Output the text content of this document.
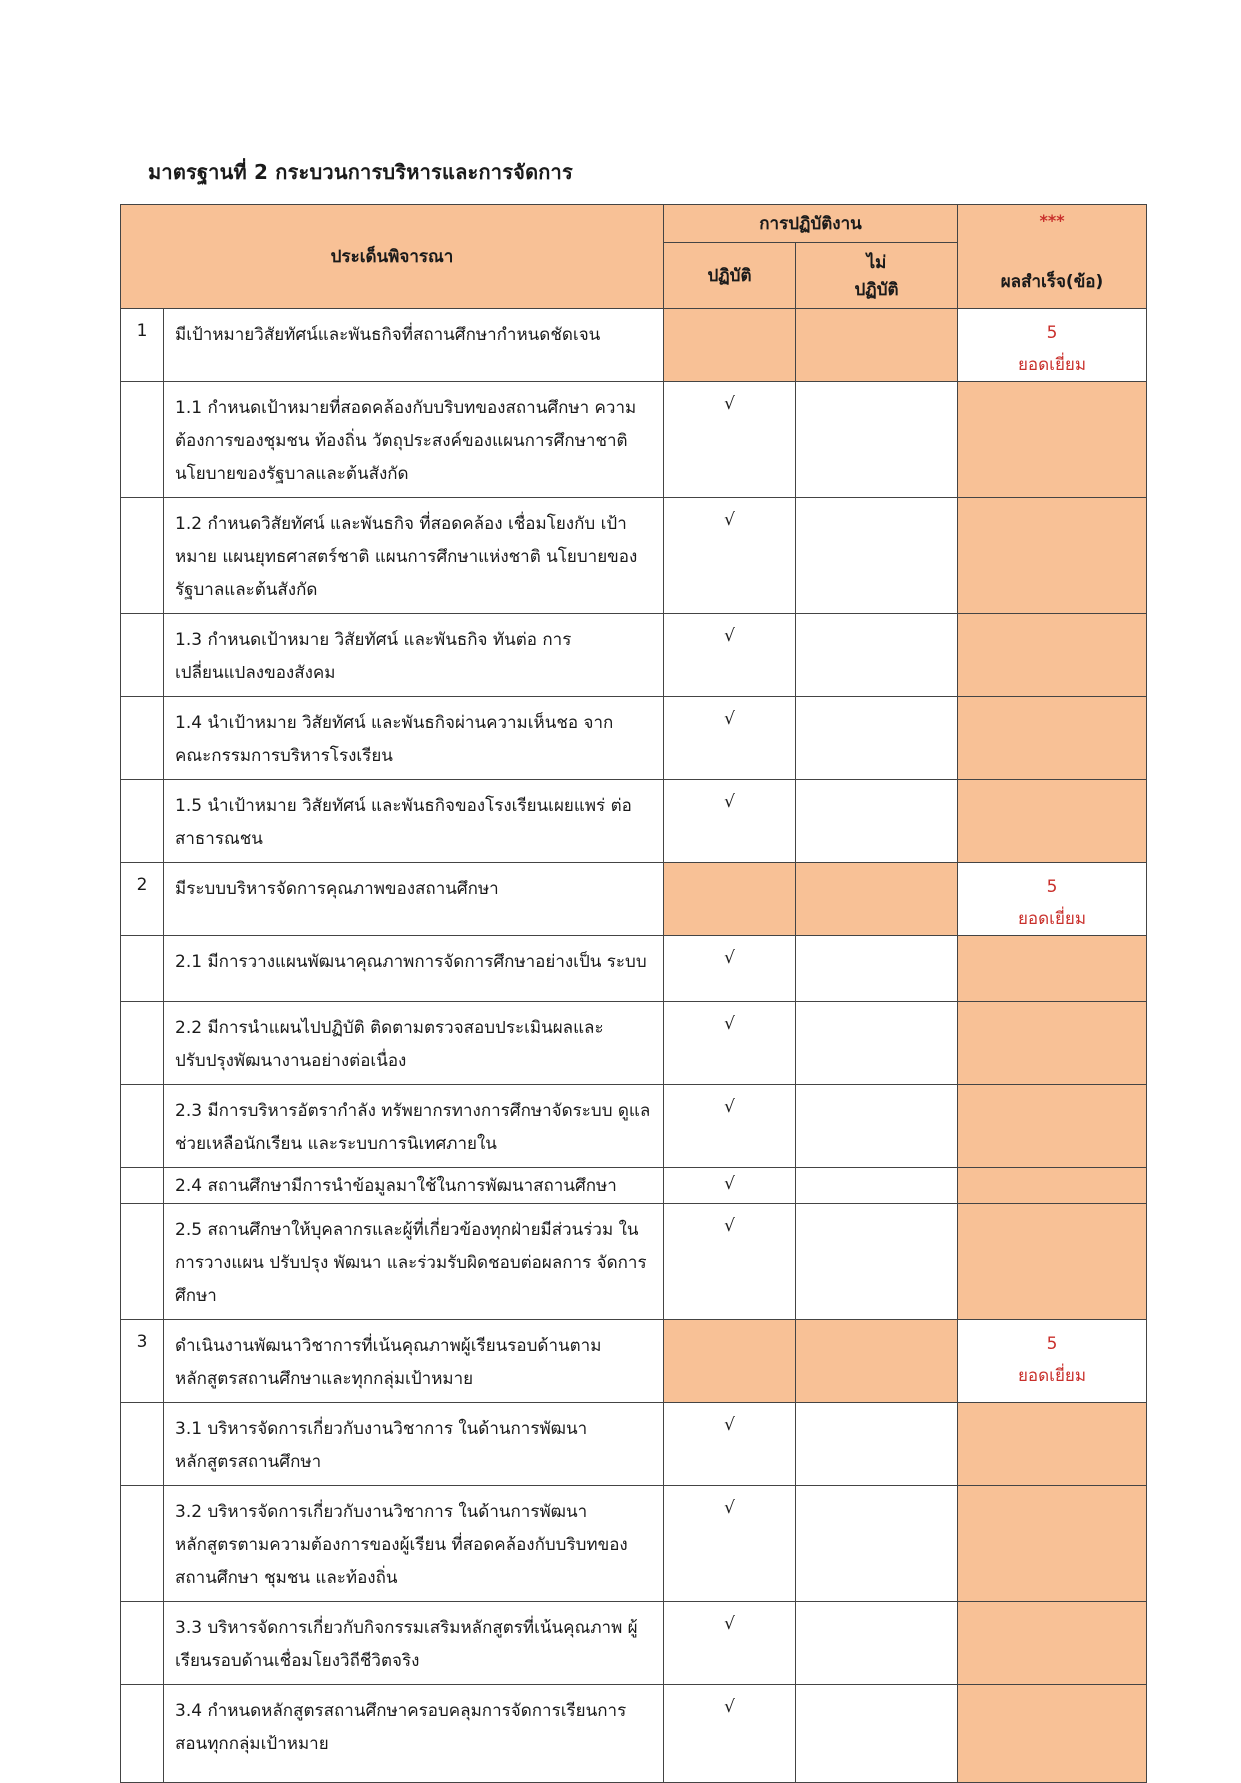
มาตรฐานที่ 2 กระบวนการบริหารและการจัดการ
ประเด็นพิจารณา		การปฏิบัติงาน		***
ผลสำเร็จ(ข้อ)

		ปฏิบัติ	ไม่
ปฏิบัติ	

1	มีเป้าหมายวิสัยทัศน์และพันธกิจที่สถานศึกษากำหนดชัดเจน			5
ยอดเยี่ยม

	1.1 กำหนดเป้าหมายที่สอดคล้องกับบริบทของสถานศึกษา ความต้องการของชุมชน ท้องถิ่น วัตถุประสงค์ของแผนการศึกษาชาติ นโยบายของรัฐบาลและต้นสังกัด	√		
	1.2 กำหนดวิสัยทัศน์ และพันธกิจ ที่สอดคล้อง เชื่อมโยงกับ เป้าหมาย แผนยุทธศาสตร์ชาติ แผนการศึกษาแห่งชาติ นโยบายของรัฐบาลและต้นสังกัด	√		
	1.3 กำหนดเป้าหมาย วิสัยทัศน์ และพันธกิจ ทันต่อ การเปลี่ยนแปลงของสังคม	√		
	1.4 นำเป้าหมาย วิสัยทัศน์ และพันธกิจผ่านความเห็นชอ จาก คณะกรรมการบริหารโรงเรียน	√		
	1.5 นำเป้าหมาย วิสัยทัศน์ และพันธกิจของโรงเรียนเผยแพร่ ต่อสาธารณชน	√		
2	มีระบบบริหารจัดการคุณภาพของสถานศึกษา			5
ยอดเยี่ยม

	2.1 มีการวางแผนพัฒนาคุณภาพการจัดการศึกษาอย่างเป็น ระบบ	√		
	2.2 มีการนำแผนไปปฏิบัติ ติดตามตรวจสอบประเมินผลและ ปรับปรุงพัฒนางานอย่างต่อเนื่อง	√		
	2.3 มีการบริหารอัตรากำลัง ทรัพยากรทางการศึกษาจัดระบบ ดูแลช่วยเหลือนักเรียน และระบบการนิเทศภายใน	√		
	2.4 สถานศึกษามีการนำข้อมูลมาใช้ในการพัฒนาสถานศึกษา	√		
	2.5 สถานศึกษาให้บุคลากรและผู้ที่เกี่ยวข้องทุกฝ่ายมีส่วนร่วม ในการวางแผน ปรับปรุง พัฒนา และร่วมรับผิดชอบต่อผลการ จัดการศึกษา	√		
3	ดำเนินงานพัฒนาวิชาการที่เน้นคุณภาพผู้เรียนรอบด้านตาม หลักสูตรสถานศึกษาและทุกกลุ่มเป้าหมาย			5
ยอดเยี่ยม

	3.1 บริหารจัดการเกี่ยวกับงานวิชาการ ในด้านการพัฒนา หลักสูตรสถานศึกษา	√		
	3.2 บริหารจัดการเกี่ยวกับงานวิชาการ ในด้านการพัฒนา หลักสูตรตามความต้องการของผู้เรียน ที่สอดคล้องกับบริบทของ สถานศึกษา ชุมชน และท้องถิ่น	√		
	3.3 บริหารจัดการเกี่ยวกับกิจกรรมเสริมหลักสูตรที่เน้นคุณภาพ ผู้เรียนรอบด้านเชื่อมโยงวิถีชีวิตจริง	√		
	3.4 กำหนดหลักสูตรสถานศึกษาครอบคลุมการจัดการเรียนการ สอนทุกกลุ่มเป้าหมาย	√		
